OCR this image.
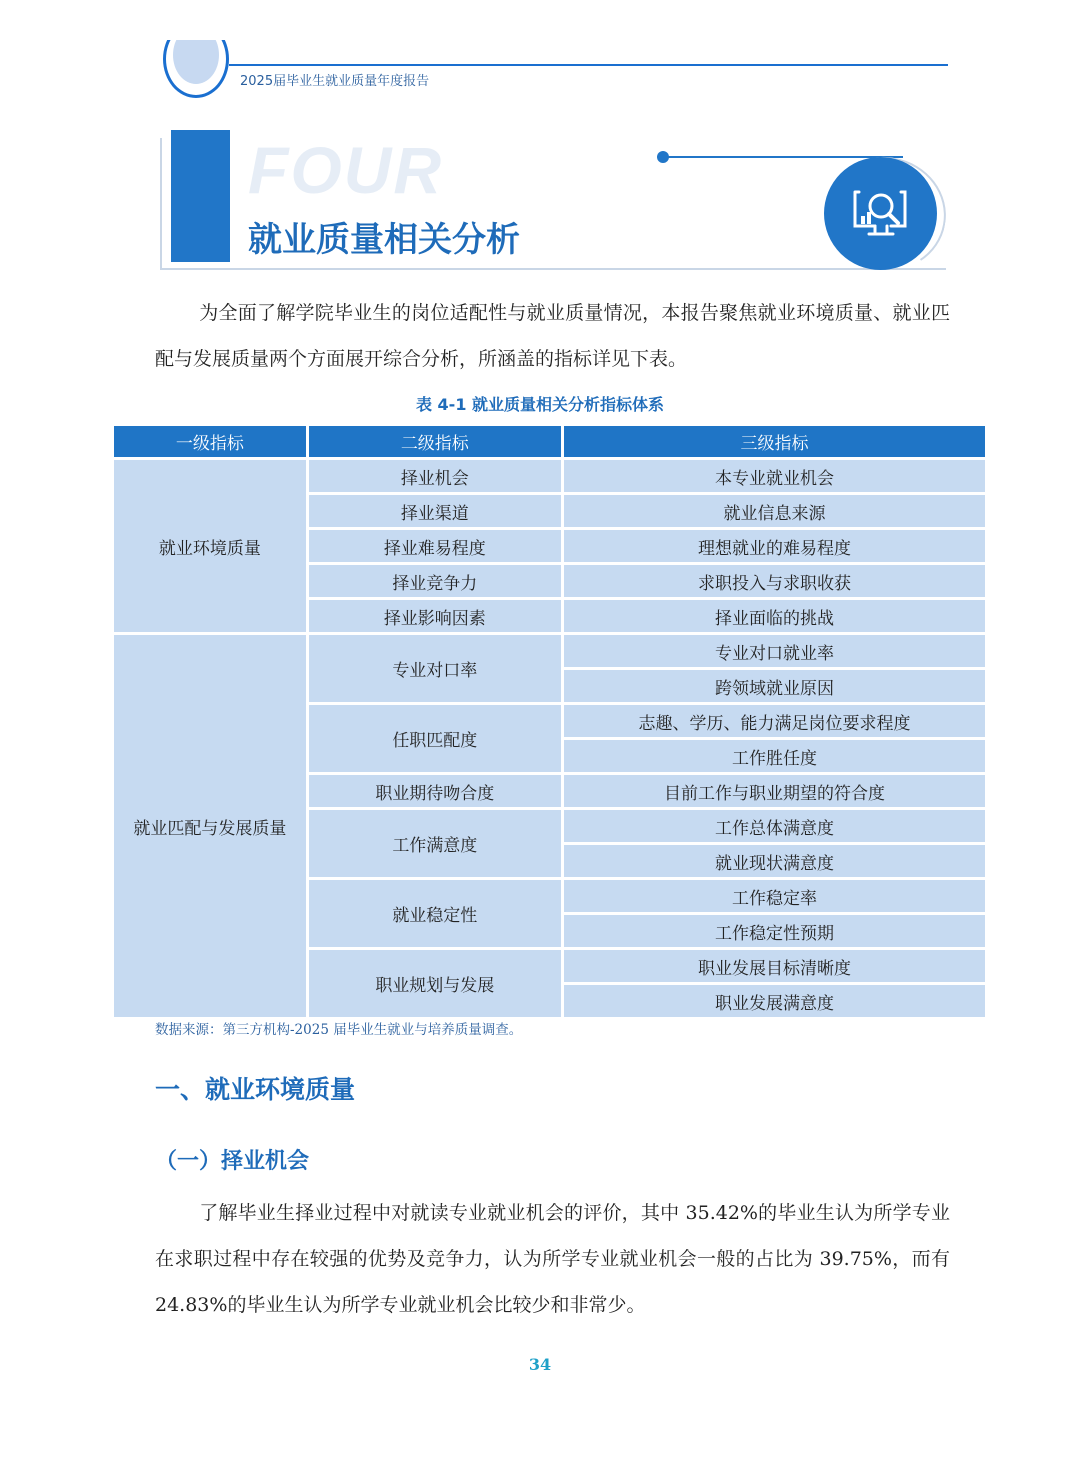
2025届毕业生就业质量年度报告
FOUR
就业质量相关分析
为全面了解学院毕业生的岗位适配性与就业质量情况，本报告聚焦就业环境质量、就业匹配与发展质量两个方面展开综合分析，所涵盖的指标详见下表。
表 4-1 就业质量相关分析指标体系
一级指标	二级指标	三级指标
就业环境质量	择业机会	本专业就业机会
	择业渠道	就业信息来源
	择业难易程度	理想就业的难易程度
	择业竞争力	求职投入与求职收获
	择业影响因素	择业面临的挑战
就业匹配与发展质量	专业对口率	专业对口就业率
		跨领域就业原因
	任职匹配度	志趣、学历、能力满足岗位要求程度
		工作胜任度
	职业期待吻合度	目前工作与职业期望的符合度
	工作满意度	工作总体满意度
		就业现状满意度
	就业稳定性	工作稳定率
		工作稳定性预期
	职业规划与发展	职业发展目标清晰度
		职业发展满意度
数据来源：第三方机构-2025 届毕业生就业与培养质量调查。
一、就业环境质量
（一）择业机会
了解毕业生择业过程中对就读专业就业机会的评价，其中 35.42%的毕业生认为所学专业在求职过程中存在较强的优势及竞争力，认为所学专业就业机会一般的占比为 39.75%，而有 24.83%的毕业生认为所学专业就业机会比较少和非常少。
34
